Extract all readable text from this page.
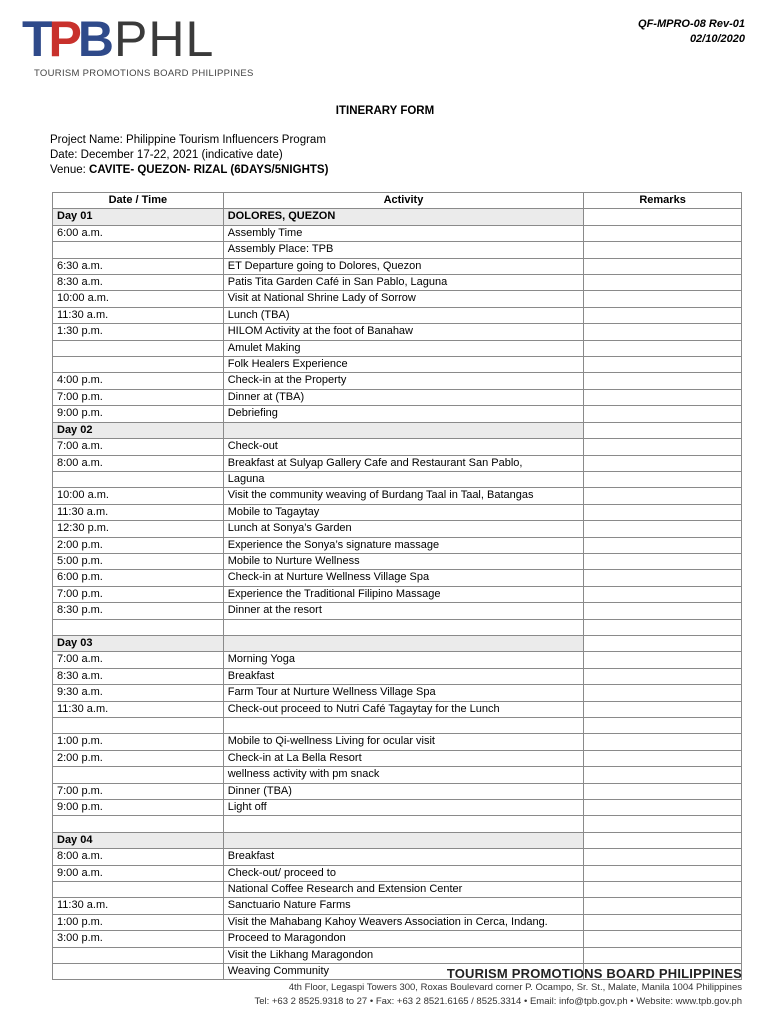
TPB PHL
TOURISM PROMOTIONS BOARD PHILIPPINES
QF-MPRO-08 Rev-01
02/10/2020
ITINERARY FORM
Project Name: Philippine Tourism Influencers Program
Date: December 17-22, 2021 (indicative date)
Venue: CAVITE- QUEZON- RIZAL (6DAYS/5NIGHTS)
Date / Time	Activity	Remarks
Day 01	DOLORES, QUEZON	
6:00 a.m.	Assembly Time	
	Assembly Place: TPB	
6:30 a.m.	ET Departure going to Dolores, Quezon	
8:30 a.m.	Patis Tita Garden Café in San Pablo, Laguna	
10:00 a.m.	Visit at National Shrine Lady of Sorrow	
11:30 a.m.	Lunch (TBA)	
1:30 p.m.	HILOM Activity at the foot of Banahaw	
	Amulet Making	
	Folk Healers Experience	
4:00 p.m.	Check-in at the Property	
7:00 p.m.	Dinner at (TBA)	
9:00 p.m.	Debriefing	
Day 02		
7:00 a.m.	Check-out	
8:00 a.m.	Breakfast at Sulyap Gallery Cafe and Restaurant San Pablo,	
	Laguna	
10:00 a.m.	Visit the community weaving of Burdang Taal in Taal, Batangas	
11:30 a.m.	Mobile to Tagaytay	
12:30 p.m.	Lunch at Sonya’s Garden	
2:00 p.m.	Experience the Sonya’s signature massage	
5:00 p.m.	Mobile to Nurture Wellness	
6:00 p.m.	Check-in at Nurture Wellness Village Spa	
7:00 p.m.	Experience the Traditional Filipino Massage	
8:30 p.m.	Dinner at the resort	

Day 03		
7:00 a.m.	Morning Yoga	
8:30 a.m.	Breakfast	
9:30 a.m.	Farm Tour at Nurture Wellness Village Spa	
11:30 a.m.	Check-out proceed to Nutri Café Tagaytay for the Lunch	

1:00 p.m.	Mobile to Qi-wellness Living for ocular visit	
2:00 p.m.	Check-in at La Bella Resort	
	wellness activity with pm snack	
7:00 p.m.	Dinner (TBA)	
9:00 p.m.	Light off	

Day 04		
8:00 a.m.	Breakfast	
9:00 a.m.	Check-out/ proceed to	
	National Coffee Research and Extension Center	
11:30 a.m.	Sanctuario Nature Farms	
1:00 p.m.	Visit the Mahabang Kahoy Weavers Association in Cerca, Indang.	
3:00 p.m.	Proceed to Maragondon	
	Visit the Likhang Maragondon	
	Weaving Community		TOURISM PROMOTIONS BOARD PHILIPPINES
4th Floor, Legaspi Towers 300, Roxas Boulevard corner P. Ocampo, Sr. St., Malate, Manila 1004 Philippines
Tel: +63 2 8525.9318 to 27 • Fax: +63 2 8521.6165 / 8525.3314 • Email: info@tpb.gov.ph • Website: www.tpb.gov.ph
